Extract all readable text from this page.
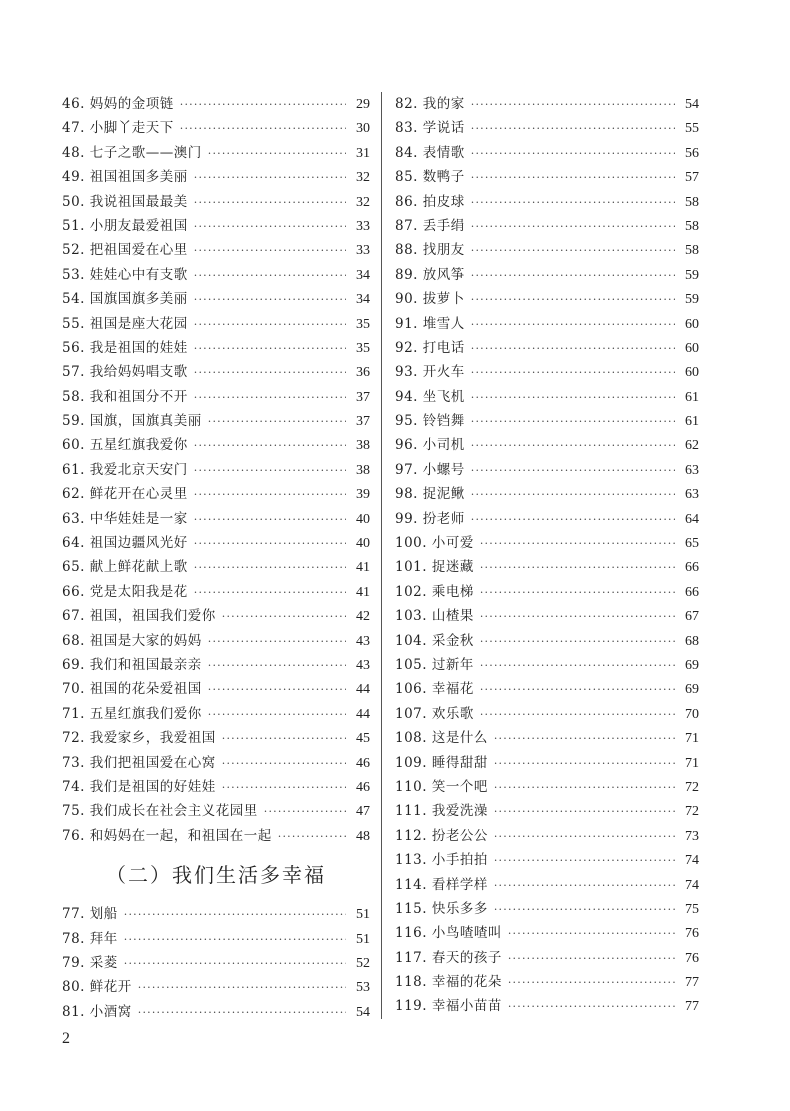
46. 妈妈的金项链 ·····	29
47. 小脚丫走天下 ·····	30
48. 七子之歌——澳门 ·····	31
49. 祖国祖国多美丽 ·····	32
50. 我说祖国最最美 ·····	32
51. 小朋友最爱祖国 ·····	33
52. 把祖国爱在心里 ·····	33
53. 娃娃心中有支歌 ·····	34
54. 国旗国旗多美丽 ·····	34
55. 祖国是座大花园 ·····	35
56. 我是祖国的娃娃 ·····	35
57. 我给妈妈唱支歌 ·····	36
58. 我和祖国分不开 ·····	37
59. 国旗，国旗真美丽 ·····	37
60. 五星红旗我爱你 ·····	38
61. 我爱北京天安门 ·····	38
62. 鲜花开在心灵里 ·····	39
63. 中华娃娃是一家 ·····	40
64. 祖国边疆风光好 ·····	40
65. 献上鲜花献上歌 ·····	41
66. 党是太阳我是花 ·····	41
67. 祖国，祖国我们爱你 ·····	42
68. 祖国是大家的妈妈 ·····	43
69. 我们和祖国最亲亲 ·····	43
70. 祖国的花朵爱祖国 ·····	44
71. 五星红旗我们爱你 ·····	44
72. 我爱家乡，我爱祖国 ·····	45
73. 我们把祖国爱在心窝 ·····	46
74. 我们是祖国的好娃娃 ·····	46
75. 我们成长在社会主义花园里 ·····	47
76. 和妈妈在一起，和祖国在一起 ·····	48
（二）我们生活多幸福
77. 划船 ·····	51
78. 拜年 ·····	51
79. 采菱 ·····	52
80. 鲜花开 ·····	53
81. 小酒窝 ·····	54
82. 我的家 ·····	54
83. 学说话 ·····	55
84. 表情歌 ·····	56
85. 数鸭子 ·····	57
86. 拍皮球 ·····	58
87. 丢手绢 ·····	58
88. 找朋友 ·····	58
89. 放风筝 ·····	59
90. 拔萝卜 ·····	59
91. 堆雪人 ·····	60
92. 打电话 ·····	60
93. 开火车 ·····	60
94. 坐飞机 ·····	61
95. 铃铛舞 ·····	61
96. 小司机 ·····	62
97. 小螺号 ·····	63
98. 捉泥鳅 ·····	63
99. 扮老师 ·····	64
100. 小可爱 ·····	65
101. 捉迷藏 ·····	66
102. 乘电梯 ·····	66
103. 山楂果 ·····	67
104. 采金秋 ·····	68
105. 过新年 ·····	69
106. 幸福花 ·····	69
107. 欢乐歌 ·····	70
108. 这是什么 ·····	71
109. 睡得甜甜 ·····	71
110. 笑一个吧 ·····	72
111. 我爱洗澡 ·····	72
112. 扮老公公 ·····	73
113. 小手拍拍 ·····	74
114. 看样学样 ·····	74
115. 快乐多多 ·····	75
116. 小鸟喳喳叫 ·····	76
117. 春天的孩子 ·····	76
118. 幸福的花朵 ·····	77
119. 幸福小苗苗 ·····	77
2
